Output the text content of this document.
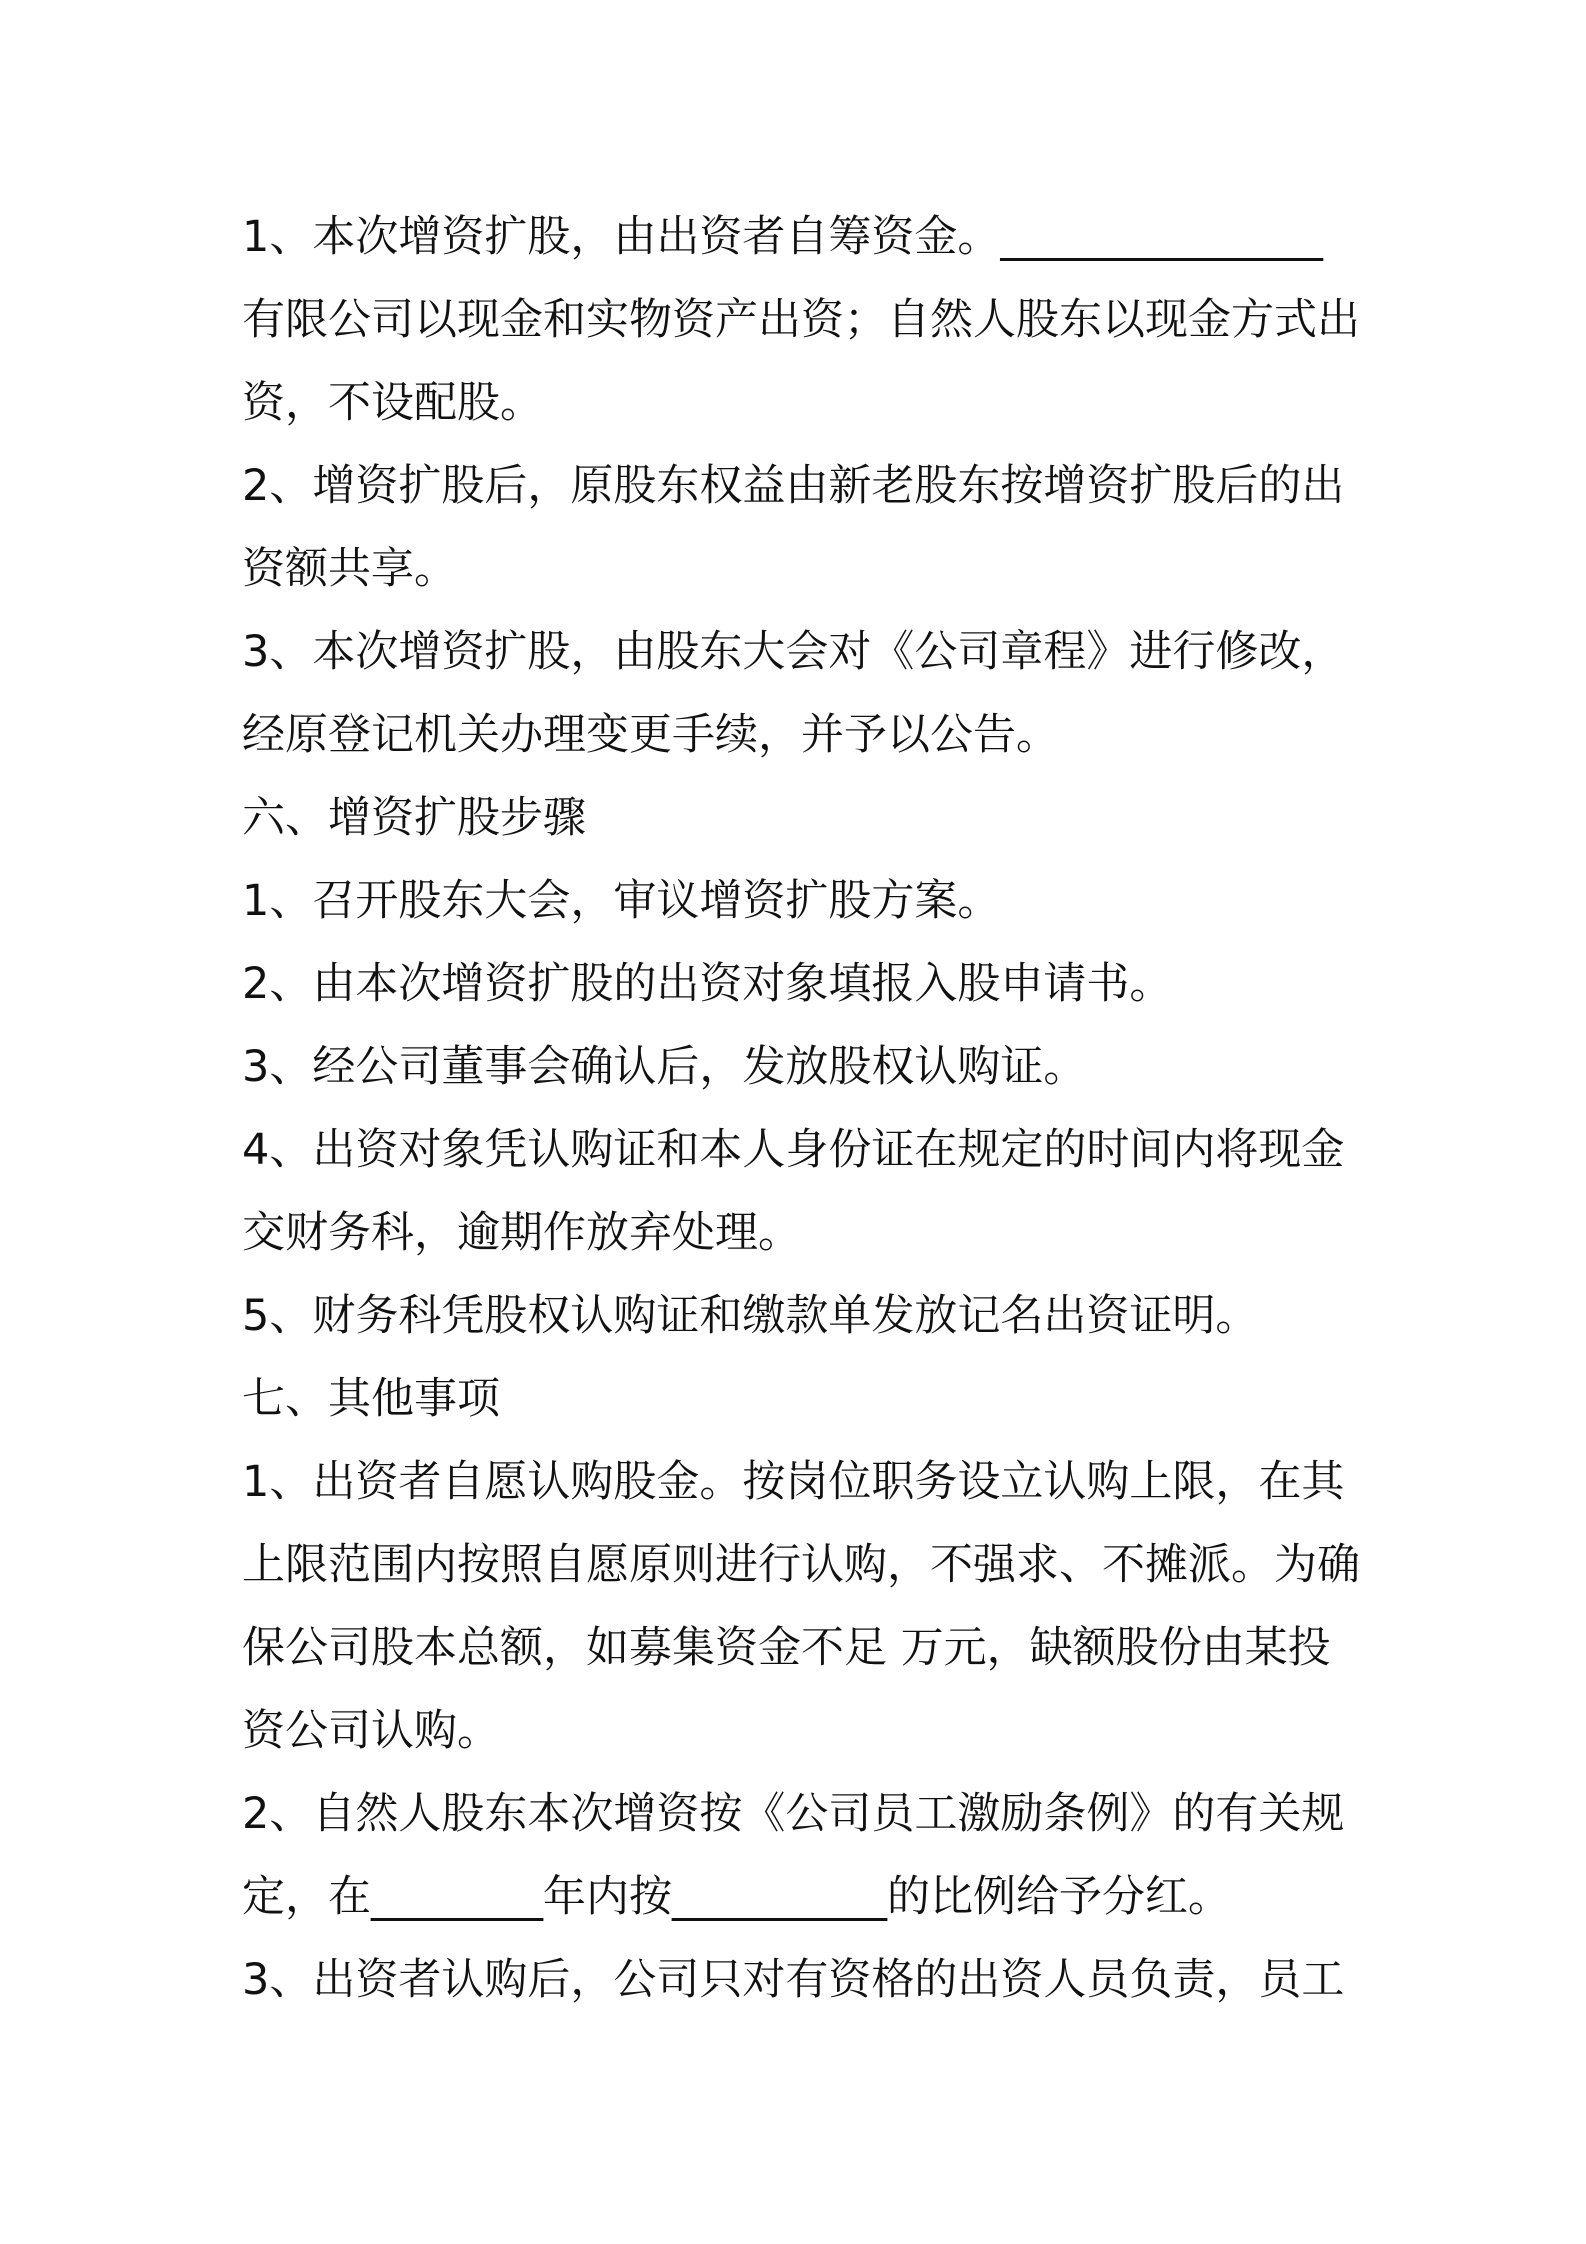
1、本次增资扩股，由出资者自筹资金。_______________
有限公司以现金和实物资产出资；自然人股东以现金方式出
资，不设配股。
2、增资扩股后，原股东权益由新老股东按增资扩股后的出
资额共享。
3、本次增资扩股，由股东大会对《公司章程》进行修改，
经原登记机关办理变更手续，并予以公告。
六、增资扩股步骤
1、召开股东大会，审议增资扩股方案。
2、由本次增资扩股的出资对象填报入股申请书。
3、经公司董事会确认后，发放股权认购证。
4、出资对象凭认购证和本人身份证在规定的时间内将现金
交财务科，逾期作放弃处理。
5、财务科凭股权认购证和缴款单发放记名出资证明。
七、其他事项
1、出资者自愿认购股金。按岗位职务设立认购上限，在其
上限范围内按照自愿原则进行认购，不强求、不摊派。为确
保公司股本总额，如募集资金不足 万元，缺额股份由某投
资公司认购。
2、自然人股东本次增资按《公司员工激励条例》的有关规
定，在________年内按__________的比例给予分红。
3、出资者认购后，公司只对有资格的出资人员负责，员工
